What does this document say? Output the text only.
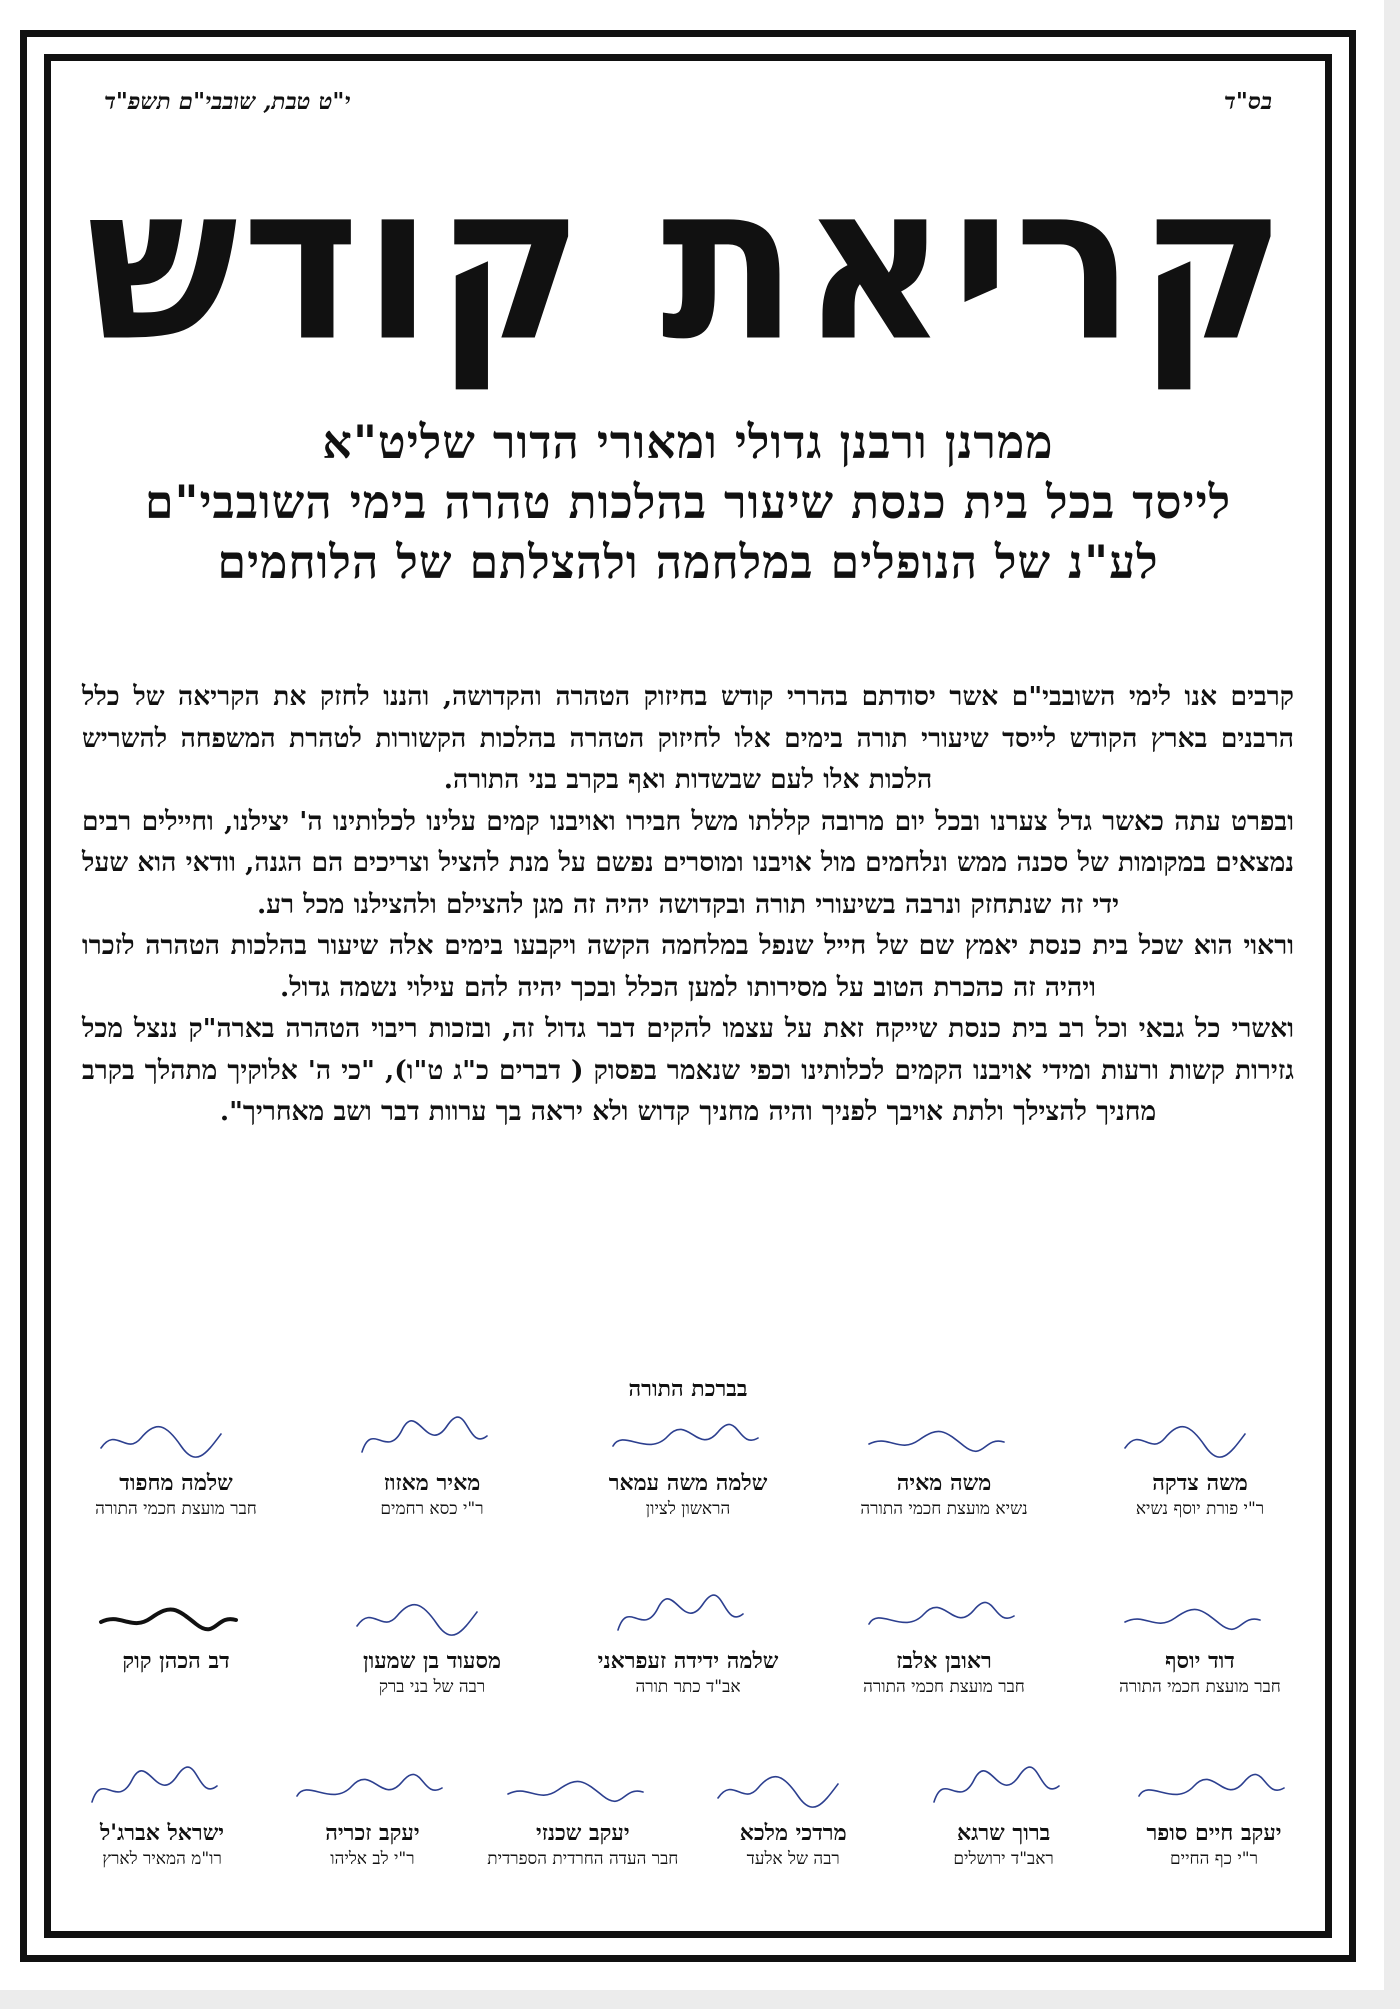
בס"ד
י"ט טבת, שובבי"ם תשפ"ד
קריאת קודש
ממרנן ורבנן גדולי ומאורי הדור שליט"א
לייסד בכל בית כנסת שיעור בהלכות טהרה בימי השובבי"ם
לע"נ של הנופלים במלחמה ולהצלתם של הלוחמים

קרבים אנו לימי השובבי"ם אשר יסודתם בהררי קודש בחיזוק הטהרה והקדושה, והננו לחזק את הקריאה של כלל הרבנים בארץ הקודש לייסד שיעורי תורה בימים אלו לחיזוק הטהרה בהלכות הקשורות לטהרת המשפחה להשריש הלכות אלו לעם שבשדות ואף בקרב בני התורה.

ובפרט עתה כאשר גדל צערנו ובכל יום מרובה קללתו משל חבירו ואויבנו קמים עלינו לכלותינו ה' יצילנו, וחיילים רבים נמצאים במקומות של סכנה ממש ונלחמים מול אויבנו ומוסרים נפשם על מנת להציל וצריכים הם הגנה, וודאי הוא שעל ידי זה שנתחזק ונרבה בשיעורי תורה ובקדושה יהיה זה מגן להצילם ולהצילנו מכל רע.

וראוי הוא שכל בית כנסת יאמץ שם של חייל שנפל במלחמה הקשה ויקבעו בימים אלה שיעור בהלכות הטהרה לזכרו ויהיה זה כהכרת הטוב על מסירותו למען הכלל ובכך יהיה להם עילוי נשמה גדול.

ואשרי כל גבאי וכל רב בית כנסת שייקח זאת על עצמו להקים דבר גדול זה, ובזכות ריבוי הטהרה בארה"ק ננצל מכל גזירות קשות ורעות ומידי אויבנו הקמים לכלותינו וכפי שנאמר בפסוק ( דברים כ"ג ט"ו), "כי ה' אלוקיך מתהלך בקרב מחניך להצילך ולתת אויבך לפניך והיה מחניך קדוש ולא יראה בך ערוות דבר ושב מאחריך".

בברכת התורה
משה צדקה
ר"י פורת יוסף נשיא
משה מאיה
נשיא מועצת חכמי התורה
שלמה משה עמאר
הראשון לציון
מאיר מאזוז
ר"י כסא רחמים
שלמה מחפוד
חבר מועצת חכמי התורה
דוד יוסף
חבר מועצת חכמי התורה
ראובן אלבז
חבר מועצת חכמי התורה
שלמה ידידה זעפראני
אב"ד כתר תורה
מסעוד בן שמעון
רבה של בני ברק
דב הכהן קוק
יעקב חיים סופר
ר"י כף החיים
ברוך שרגא
ראב"ד ירושלים
מרדכי מלכא
רבה של אלעד
יעקב שכנזי
חבר העדה החרדית הספרדית
יעקב זכריה
ר"י לב אליהו
ישראל אברג'ל
רו"מ המאיר לארץ
